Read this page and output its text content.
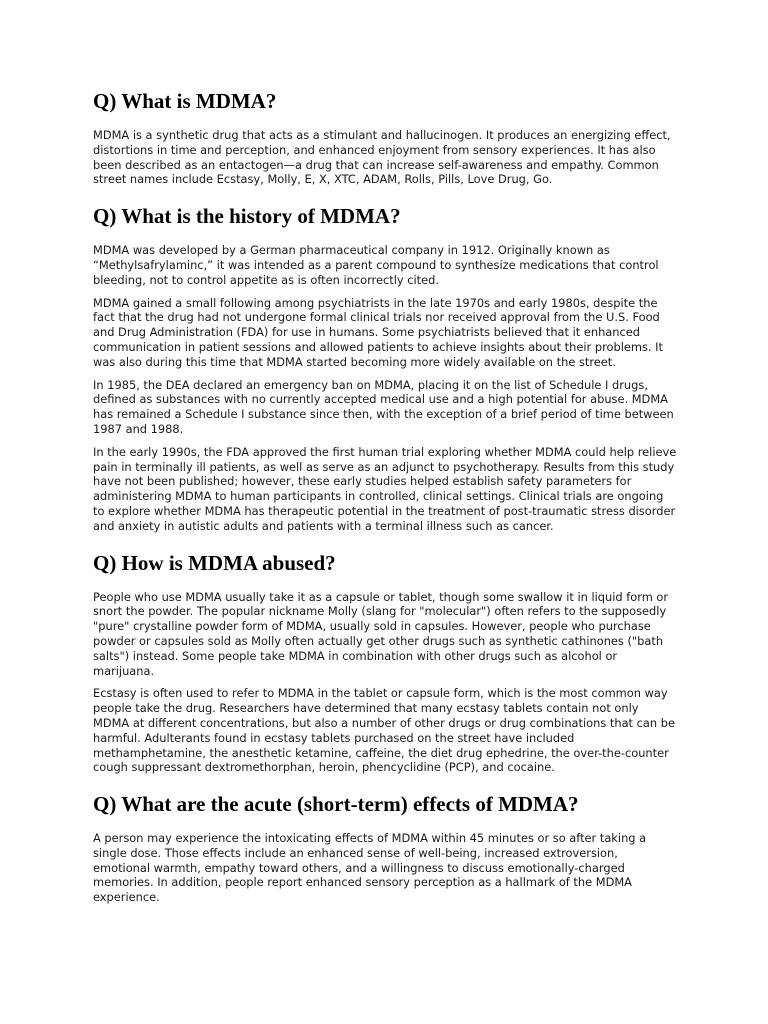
Q) What is MDMA?

MDMA is a synthetic drug that acts as a stimulant and hallucinogen. It produces an energizing effect, distortions in time and perception, and enhanced enjoyment from sensory experiences. It has also been described as an entactogen—a drug that can increase self-awareness and empathy. Common street names include Ecstasy, Molly, E, X, XTC, ADAM, Rolls, Pills, Love Drug, Go.

Q) What is the history of MDMA?

MDMA was developed by a German pharmaceutical company in 1912. Originally known as “Methylsafrylaminc,” it was intended as a parent compound to synthesize medications that control bleeding, not to control appetite as is often incorrectly cited.

MDMA gained a small following among psychiatrists in the late 1970s and early 1980s, despite the fact that the drug had not undergone formal clinical trials nor received approval from the U.S. Food and Drug Administration (FDA) for use in humans. Some psychiatrists believed that it enhanced communication in patient sessions and allowed patients to achieve insights about their problems. It was also during this time that MDMA started becoming more widely available on the street.

In 1985, the DEA declared an emergency ban on MDMA, placing it on the list of Schedule I drugs, defined as substances with no currently accepted medical use and a high potential for abuse. MDMA has remained a Schedule I substance since then, with the exception of a brief period of time between 1987 and 1988.

In the early 1990s, the FDA approved the first human trial exploring whether MDMA could help relieve pain in terminally ill patients, as well as serve as an adjunct to psychotherapy. Results from this study have not been published; however, these early studies helped establish safety parameters for administering MDMA to human participants in controlled, clinical settings. Clinical trials are ongoing to explore whether MDMA has therapeutic potential in the treatment of post-traumatic stress disorder and anxiety in autistic adults and patients with a terminal illness such as cancer.

Q) How is MDMA abused?

People who use MDMA usually take it as a capsule or tablet, though some swallow it in liquid form or snort the powder. The popular nickname Molly (slang for "molecular") often refers to the supposedly "pure" crystalline powder form of MDMA, usually sold in capsules. However, people who purchase powder or capsules sold as Molly often actually get other drugs such as synthetic cathinones ("bath salts") instead. Some people take MDMA in combination with other drugs such as alcohol or marijuana.

Ecstasy is often used to refer to MDMA in the tablet or capsule form, which is the most common way people take the drug. Researchers have determined that many ecstasy tablets contain not only MDMA at different concentrations, but also a number of other drugs or drug combinations that can be harmful. Adulterants found in ecstasy tablets purchased on the street have included methamphetamine, the anesthetic ketamine, caffeine, the diet drug ephedrine, the over-the-counter cough suppressant dextromethorphan, heroin, phencyclidine (PCP), and cocaine.

Q) What are the acute (short-term) effects of MDMA?

A person may experience the intoxicating effects of MDMA within 45 minutes or so after taking a single dose. Those effects include an enhanced sense of well-being, increased extroversion, emotional warmth, empathy toward others, and a willingness to discuss emotionally-charged memories. In addition, people report enhanced sensory perception as a hallmark of the MDMA experience.
